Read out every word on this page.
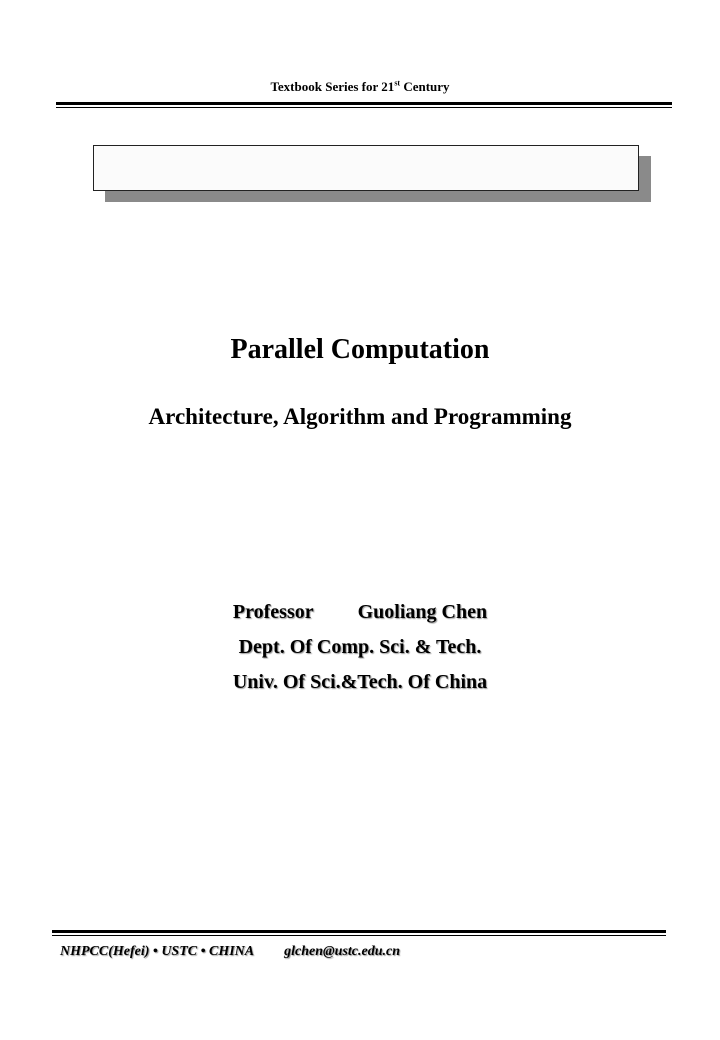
Textbook Series for 21st Century
Parallel Computation
Architecture, Algorithm and Programming
Professor Guoliang Chen
Dept. Of Comp. Sci. & Tech.
Univ. Of Sci.&Tech. Of China
NHPCC(Hefei) • USTC • CHINA glchen@ustc.edu.cn
